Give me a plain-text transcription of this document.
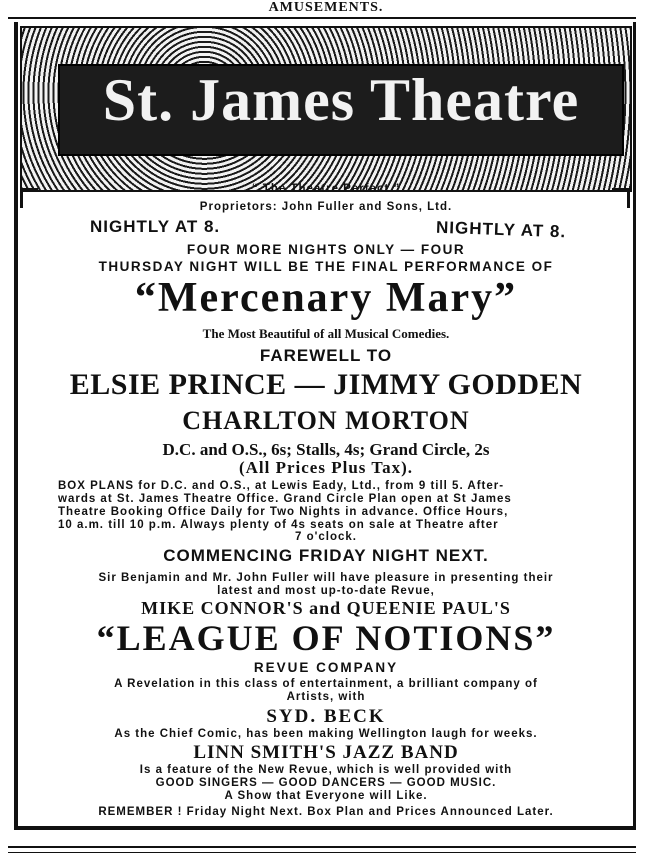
AMUSEMENTS.
St. James Theatre
“ The Theatre Perfect.”
Proprietors: John Fuller and Sons, Ltd.
NIGHTLY AT 8.	NIGHTLY AT 8.
FOUR MORE NIGHTS ONLY — FOUR
THURSDAY NIGHT WILL BE THE FINAL PERFORMANCE OF
“Mercenary Mary”
The Most Beautiful of all Musical Comedies.
FAREWELL TO
ELSIE PRINCE — JIMMY GODDEN
CHARLTON MORTON
D.C. and O.S., 6s; Stalls, 4s; Grand Circle, 2s
(All Prices Plus Tax).
BOX PLANS for D.C. and O.S., at Lewis Eady, Ltd., from 9 till 5. After-
wards at St. James Theatre Office. Grand Circle Plan open at St James
Theatre Booking Office Daily for Two Nights in advance. Office Hours,
10 a.m. till 10 p.m. Always plenty of 4s seats on sale at Theatre after
7 o'clock.
COMMENCING FRIDAY NIGHT NEXT.
Sir Benjamin and Mr. John Fuller will have pleasure in presenting their
latest and most up-to-date Revue,
MIKE CONNOR'S and QUEENIE PAUL'S
“LEAGUE OF NOTIONS”
REVUE COMPANY
A Revelation in this class of entertainment, a brilliant company of
Artists, with
SYD. BECK
As the Chief Comic, has been making Wellington laugh for weeks.
LINN SMITH'S JAZZ BAND
Is a feature of the New Revue, which is well provided with
GOOD SINGERS — GOOD DANCERS — GOOD MUSIC.
A Show that Everyone will Like.
REMEMBER ! Friday Night Next. Box Plan and Prices Announced Later.
